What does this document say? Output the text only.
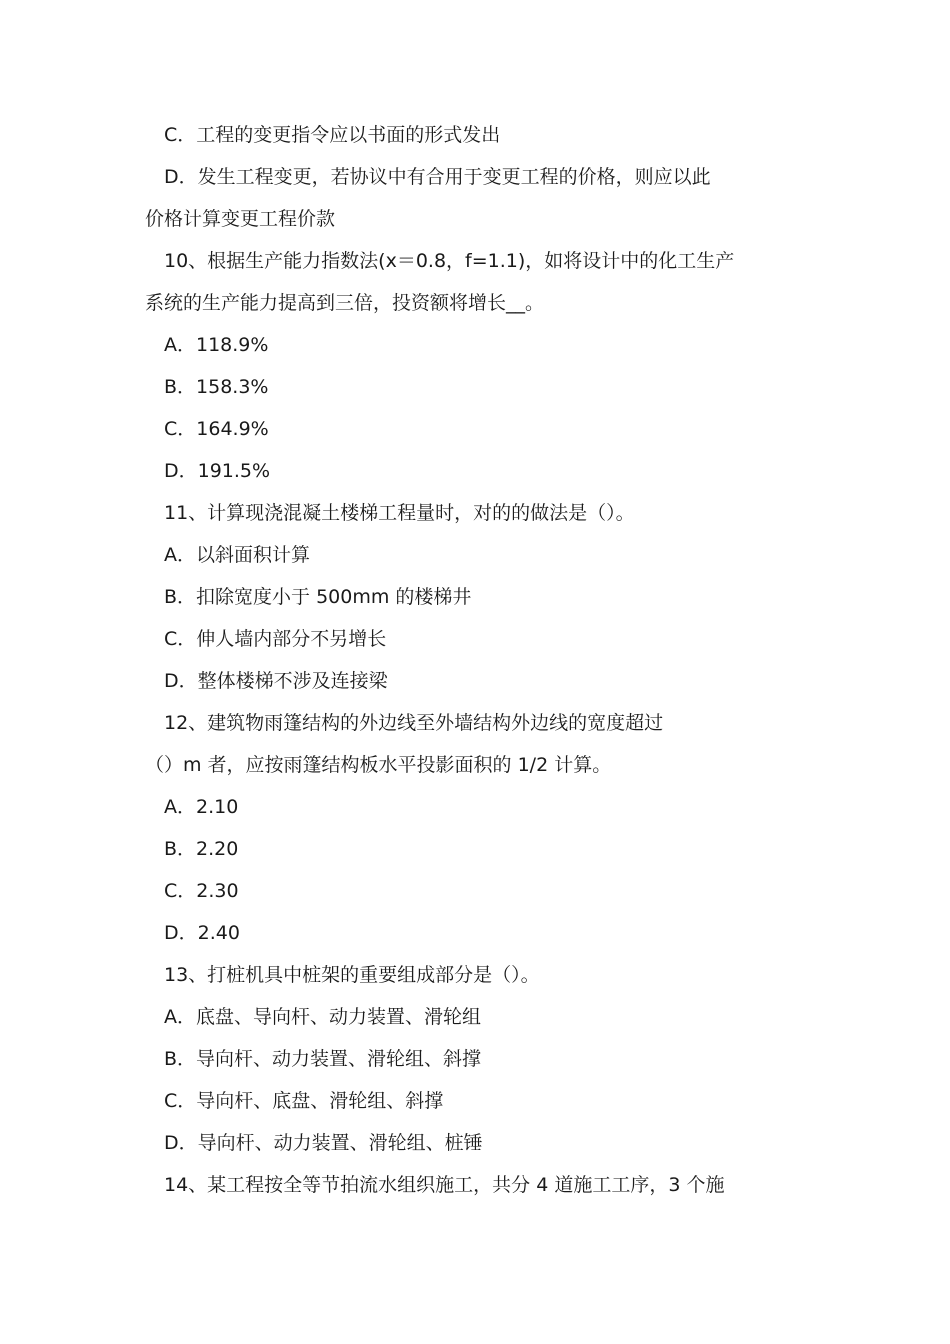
C．工程的变更指令应以书面的形式发出
D．发生工程变更，若协议中有合用于变更工程的价格，则应以此
价格计算变更工程价款
10、根据生产能力指数法(x＝0.8，f=1.1)，如将设计中的化工生产
系统的生产能力提高到三倍，投资额将增长__。
A．118.9%
B．158.3%
C．164.9%
D．191.5%
11、计算现浇混凝土楼梯工程量时，对的的做法是（）。
A．以斜面积计算
B．扣除宽度小于 500mm 的楼梯井
C．伸人墙内部分不另增长
D．整体楼梯不涉及连接梁
12、建筑物雨篷结构的外边线至外墙结构外边线的宽度超过
（）m 者，应按雨篷结构板水平投影面积的 1/2 计算。
A．2.10
B．2.20
C．2.30
D．2.40
13、打桩机具中桩架的重要组成部分是（）。
A．底盘、导向杆、动力装置、滑轮组
B．导向杆、动力装置、滑轮组、斜撑
C．导向杆、底盘、滑轮组、斜撑
D．导向杆、动力装置、滑轮组、桩锤
14、某工程按全等节拍流水组织施工，共分 4 道施工工序，3 个施
